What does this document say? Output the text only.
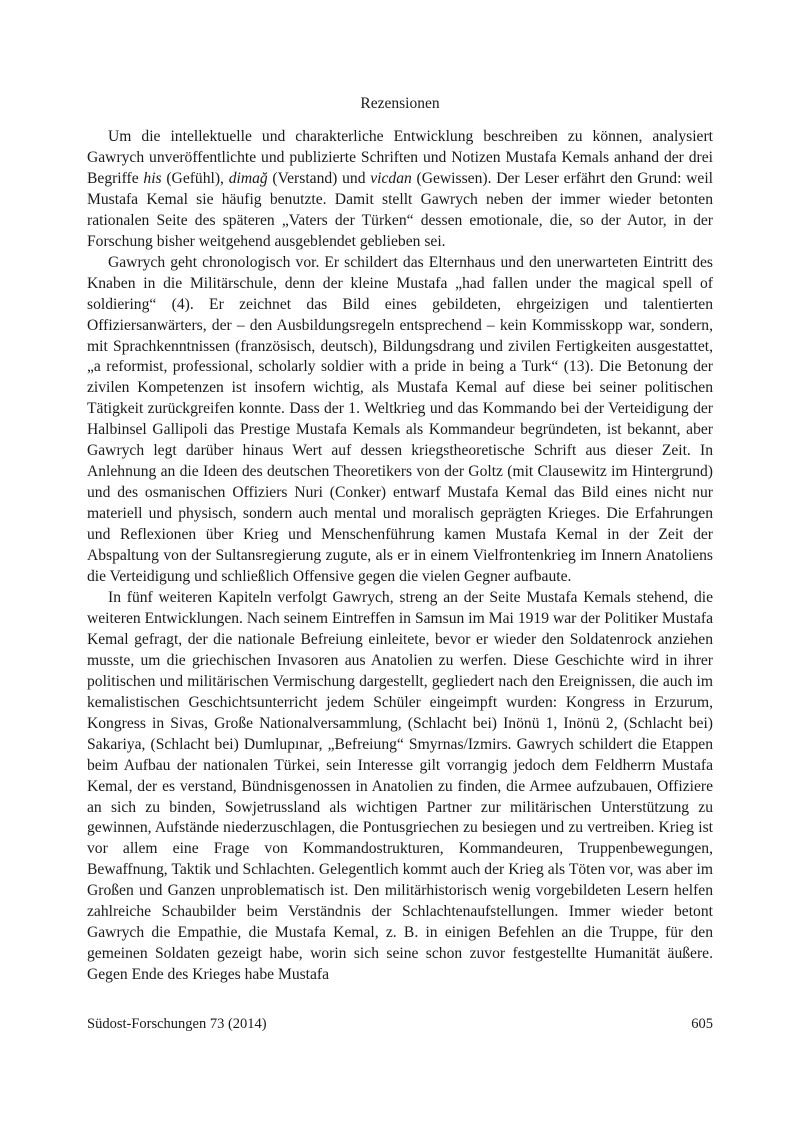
Rezensionen

Um die intellektuelle und charakterliche Entwicklung beschreiben zu können, analysiert Gawrych unveröffentlichte und publizierte Schriften und Notizen Mustafa Kemals anhand der drei Begriffe his (Gefühl), dimağ (Verstand) und vicdan (Gewissen). Der Leser erfährt den Grund: weil Mustafa Kemal sie häufig benutzte. Damit stellt Gawrych neben der immer wieder betonten rationalen Seite des späteren „Vaters der Türken“ dessen emotionale, die, so der Autor, in der Forschung bisher weitgehend ausgeblendet geblieben sei.

Gawrych geht chronologisch vor. Er schildert das Elternhaus und den unerwarteten Eintritt des Knaben in die Militärschule, denn der kleine Mustafa „had fallen under the magical spell of soldiering“ (4). Er zeichnet das Bild eines gebildeten, ehrgeizigen und talentierten Offiziersanwärters, der – den Ausbildungsregeln entsprechend – kein Kommisskopp war, sondern, mit Sprachkenntnissen (französisch, deutsch), Bildungsdrang und zivilen Fertigkeiten ausgestattet, „a reformist, professional, scholarly soldier with a pride in being a Turk“ (13). Die Betonung der zivilen Kompetenzen ist insofern wichtig, als Mustafa Kemal auf diese bei seiner politischen Tätigkeit zurückgreifen konnte. Dass der 1. Weltkrieg und das Kommando bei der Verteidigung der Halbinsel Gallipoli das Prestige Mustafa Kemals als Kommandeur begründeten, ist bekannt, aber Gawrych legt darüber hinaus Wert auf dessen kriegstheoretische Schrift aus dieser Zeit. In Anlehnung an die Ideen des deutschen Theoretikers von der Goltz (mit Clausewitz im Hintergrund) und des osmanischen Offiziers Nuri (Conker) entwarf Mustafa Kemal das Bild eines nicht nur materiell und physisch, sondern auch mental und moralisch geprägten Krieges. Die Erfahrungen und Reflexionen über Krieg und Menschenführung kamen Mustafa Kemal in der Zeit der Abspaltung von der Sultansregierung zugute, als er in einem Vielfrontenkrieg im Innern Anatoliens die Verteidigung und schließlich Offensive gegen die vielen Gegner aufbaute.

In fünf weiteren Kapiteln verfolgt Gawrych, streng an der Seite Mustafa Kemals stehend, die weiteren Entwicklungen. Nach seinem Eintreffen in Samsun im Mai 1919 war der Politiker Mustafa Kemal gefragt, der die nationale Befreiung einleitete, bevor er wieder den Soldatenrock anziehen musste, um die griechischen Invasoren aus Anatolien zu werfen. Diese Geschichte wird in ihrer politischen und militärischen Vermischung dargestellt, gegliedert nach den Ereignissen, die auch im kemalistischen Geschichtsunterricht jedem Schüler eingeimpft wurden: Kongress in Erzurum, Kongress in Sivas, Große Nationalversammlung, (Schlacht bei) Inönü 1, Inönü 2, (Schlacht bei) Sakariya, (Schlacht bei) Dumlupınar, „Befreiung“ Smyrnas/Izmirs. Gawrych schildert die Etappen beim Aufbau der nationalen Türkei, sein Interesse gilt vorrangig jedoch dem Feldherrn Mustafa Kemal, der es verstand, Bündnisgenossen in Anatolien zu finden, die Armee aufzubauen, Offiziere an sich zu binden, Sowjetrussland als wichtigen Partner zur militärischen Unterstützung zu gewinnen, Aufstände niederzuschlagen, die Pontusgriechen zu besiegen und zu vertreiben. Krieg ist vor allem eine Frage von Kommandostrukturen, Kommandeuren, Truppenbewegungen, Bewaffnung, Taktik und Schlachten. Gelegentlich kommt auch der Krieg als Töten vor, was aber im Großen und Ganzen unproblematisch ist. Den militärhistorisch wenig vorgebildeten Lesern helfen zahlreiche Schaubilder beim Verständnis der Schlachtenaufstellungen. Immer wieder betont Gawrych die Empathie, die Mustafa Kemal, z. B. in einigen Befehlen an die Truppe, für den gemeinen Soldaten gezeigt habe, worin sich seine schon zuvor festgestellte Humanität äußere. Gegen Ende des Krieges habe Mustafa

Südost-Forschungen 73 (2014)	605
